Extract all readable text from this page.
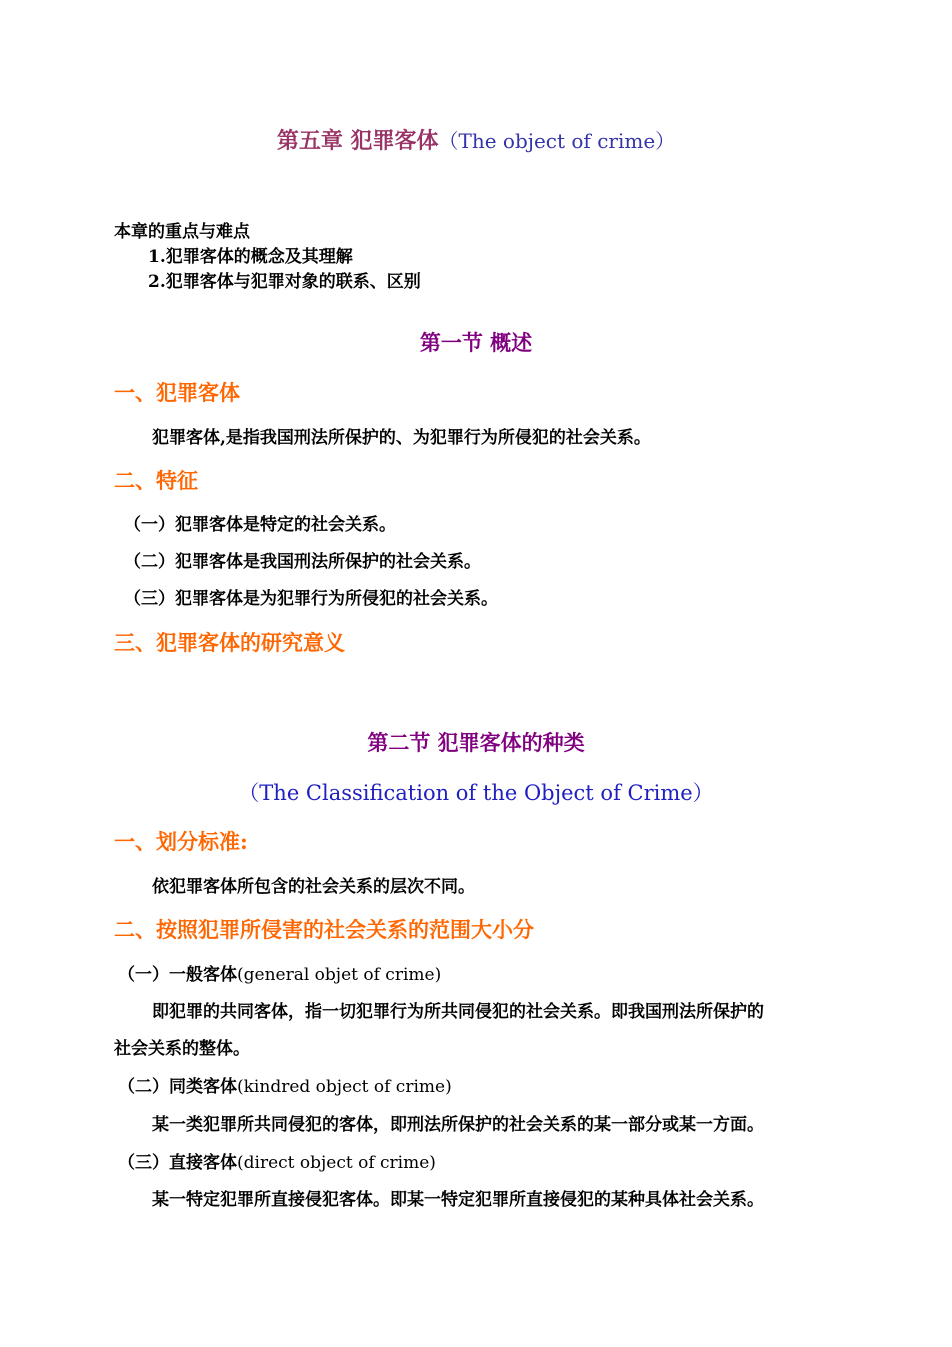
第五章 犯罪客体（The object of crime）
本章的重点与难点
1.犯罪客体的概念及其理解
2.犯罪客体与犯罪对象的联系、区别
第一节 概述
一、犯罪客体
犯罪客体,是指我国刑法所保护的、为犯罪行为所侵犯的社会关系。
二、特征
（一）犯罪客体是特定的社会关系。
（二）犯罪客体是我国刑法所保护的社会关系。
（三）犯罪客体是为犯罪行为所侵犯的社会关系。
三、犯罪客体的研究意义
第二节 犯罪客体的种类
（The Classification of the Object of Crime）
一、划分标准:
依犯罪客体所包含的社会关系的层次不同。
二、按照犯罪所侵害的社会关系的范围大小分
（一）一般客体(general objet of crime)
即犯罪的共同客体，指一切犯罪行为所共同侵犯的社会关系。即我国刑法所保护的
社会关系的整体。
（二）同类客体(kindred object of crime)
某一类犯罪所共同侵犯的客体，即刑法所保护的社会关系的某一部分或某一方面。
（三）直接客体(direct object of crime)
某一特定犯罪所直接侵犯客体。即某一特定犯罪所直接侵犯的某种具体社会关系。
